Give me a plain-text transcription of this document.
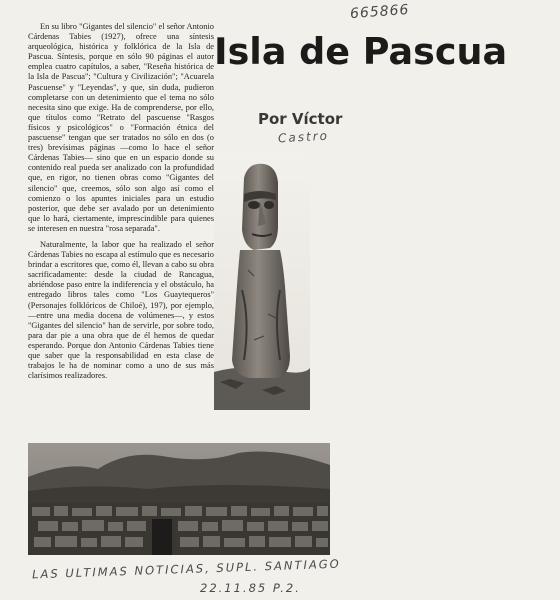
665866

En su libro "Gigantes del silencio" el señor Antonio Cárdenas Tabies (1927), ofrece una síntesis arqueológica, histórica y folklórica de la Isla de Pascua. Síntesis, porque en sólo 90 páginas el autor emplea cuatro capítulos, a saber, "Reseña histórica de la Isla de Pascua"; "Cultura y Civilización"; "Acuarela Pascuense" y "Leyendas", y que, sin duda, pudieron completarse con un detenimiento que el tema no sólo necesita sino que exige. Ha de comprenderse, por ello, que títulos como "Retrato del pascuense "Rasgos físicos y psicológicos" o "Formación étnica del pascuense" tengan que ser tratados no sólo en dos (o tres) brevísimas páginas —como lo hace el señor Cárdenas Tabies— sino que en un espacio donde su contenido real pueda ser analizado con la profundidad que, en rigor, no tienen obras como "Gigantes del silencio" que, creemos, sólo son algo así como el comienzo o los apuntes iniciales para un estudio posterior, que debe ser avalado por un detenimiento que lo hará, ciertamente, imprescindible para quienes se interesen en nuestra "rosa separada".

Naturalmente, la labor que ha realizado el señor Cárdenas Tabies no escapa al estímulo que es necesario brindar a escritores que, como él, llevan a cabo su obra sacrificadamente: desde la ciudad de Rancagua, abriéndose paso entre la indiferencia y el obstáculo, ha entregado libros tales como "Los Guaytequeros" (Personajes folklóricos de Chiloé), 197), por ejemplo, —entre una media docena de volúmenes—, y estos "Gigantes del silencio" han de servirle, por sobre todo, para dar pie a una obra que de él hemos de quedar esperando. Porque don Antonio Cárdenas Tabies tiene que saber que la responsabilidad en esta clase de trabajos le ha de nominar como a uno de sus más clarísimos realizadores.

Isla de Pascua
Por Víctor
Castro
LAS ULTIMAS NOTICIAS, SUPL. SANTIAGO
22.11.85 P.2.
